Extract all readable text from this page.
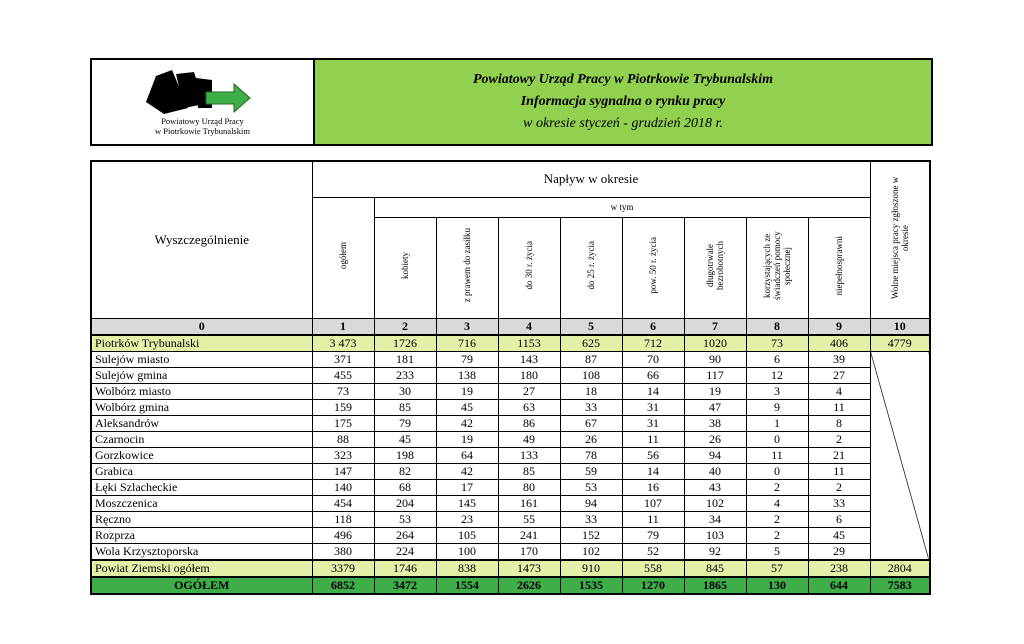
Powiatowy Urząd Pracy
w Piotrkowie Trybunalskim
Powiatowy Urząd Pracy w Piotrkowie Trybunalskim
Informacja sygnalna o rynku pracy
w okresie styczeń - grudzień 2018 r.
Wyszczególnienie	Napływ w okresie									Wolne miejsca pracy zgłoszone w okresie
	ogółem	w tym								
		kobiety	z prawem do zasiłku	do 30 r. życia	do 25 r. życia	pow. 50 r. życia	długotrwale bezrobotnych	korzystających ze świadczeń pomocy społecznej	niepełnosprawni	
0	1	2	3	4	5	6	7	8	9	10
Piotrków Trybunalski	3 473	1726	716	1153	625	712	1020	73	406	4779
Sulejów miasto	371	181	79	143	87	70	90	6	39	
Sulejów gmina	455	233	138	180	108	66	117	12	27	
Wolbórz miasto	73	30	19	27	18	14	19	3	4	
Wolbórz gmina	159	85	45	63	33	31	47	9	11	
Aleksandrów	175	79	42	86	67	31	38	1	8	
Czarnocin	88	45	19	49	26	11	26	0	2	
Gorzkowice	323	198	64	133	78	56	94	11	21	
Grabica	147	82	42	85	59	14	40	0	11	
Łęki Szlacheckie	140	68	17	80	53	16	43	2	2	
Moszczenica	454	204	145	161	94	107	102	4	33	
Ręczno	118	53	23	55	33	11	34	2	6	
Rozprza	496	264	105	241	152	79	103	2	45	
Wola Krzysztoporska	380	224	100	170	102	52	92	5	29	
Powiat Ziemski ogółem	3379	1746	838	1473	910	558	845	57	238	2804
OGÓŁEM	6852	3472	1554	2626	1535	1270	1865	130	644	7583
